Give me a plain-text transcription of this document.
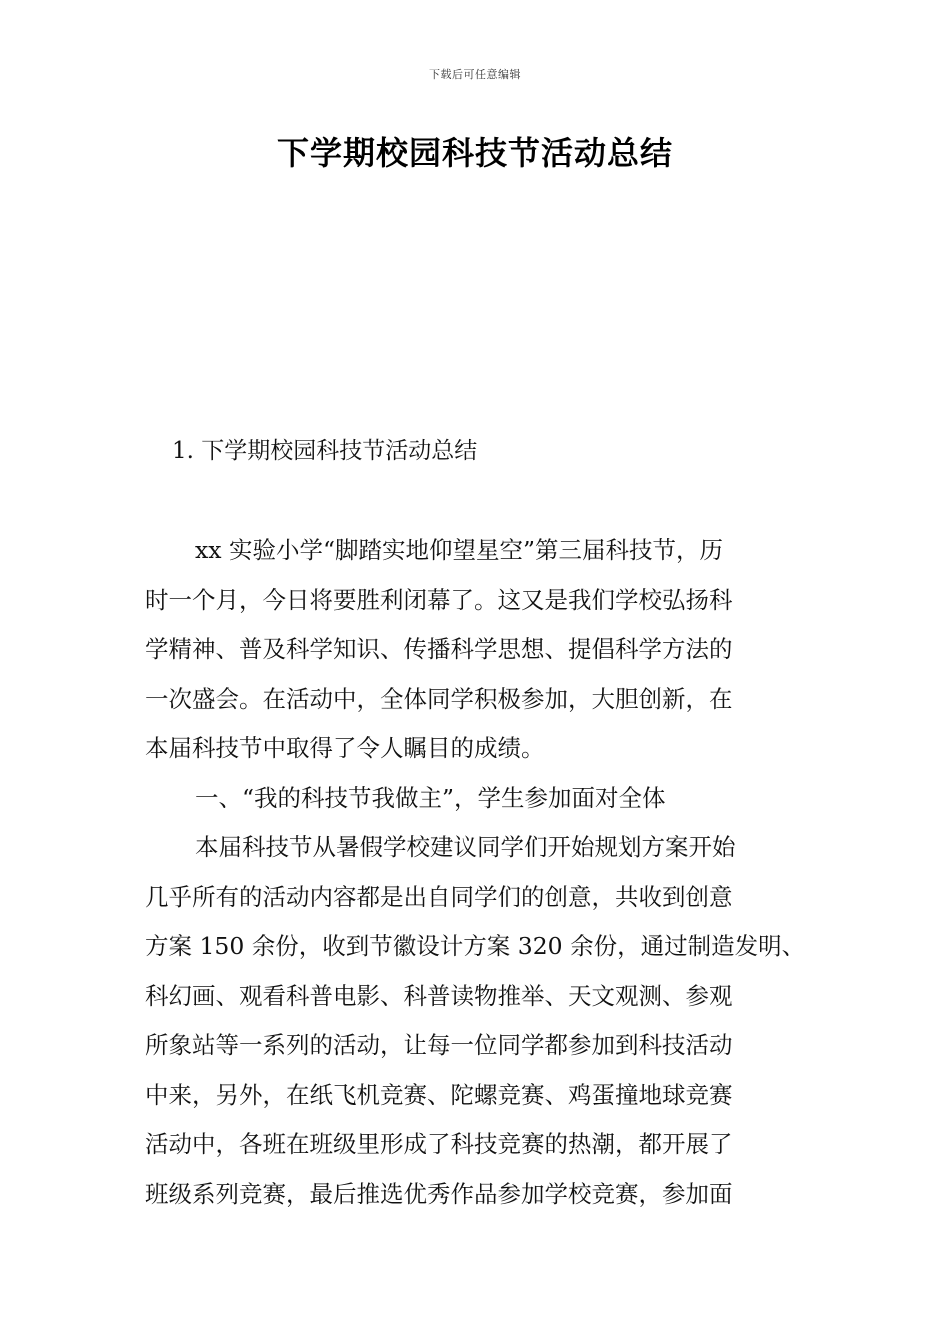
下载后可任意编辑
下学期校园科技节活动总结
1. 下学期校园科技节活动总结
xx 实验小学“脚踏实地仰望星空”第三届科技节，历
时一个月，今日将要胜利闭幕了。这又是我们学校弘扬科
学精神、普及科学知识、传播科学思想、提倡科学方法的
一次盛会。在活动中，全体同学积极参加，大胆创新，在
本届科技节中取得了令人瞩目的成绩。
一、“我的科技节我做主”，学生参加面对全体
本届科技节从暑假学校建议同学们开始规划方案开始
几乎所有的活动内容都是出自同学们的创意，共收到创意
方案 150 余份，收到节徽设计方案 320 余份，通过制造发明、
科幻画、观看科普电影、科普读物推举、天文观测、参观
所象站等一系列的活动，让每一位同学都参加到科技活动
中来，另外，在纸飞机竞赛、陀螺竞赛、鸡蛋撞地球竞赛
活动中，各班在班级里形成了科技竞赛的热潮，都开展了
班级系列竞赛，最后推选优秀作品参加学校竞赛，参加面
